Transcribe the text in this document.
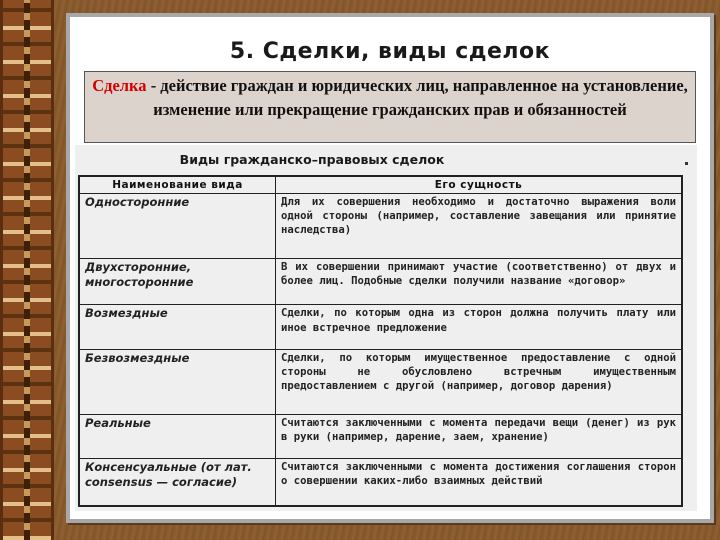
5. Сделки, виды сделок
Сделка - действие граждан и юридических лиц, направленное на установление, изменение или прекращение гражданских прав и обязанностей
Виды гражданско–правовых сделок
Наименование вида	Его сущность
Односторонние	Для их совершения необходимо и достаточно выражения воли одной стороны (например, составление завещания или принятие наследства)
Двухсторонние, многосторонние	В их совершении принимают участие (соответственно) от двух и более лиц. Подобные сделки получили название «договор»
Возмездные	Сделки, по которым одна из сторон должна получить плату или иное встречное предложение
Безвозмездные	Сделки, по которым имущественное предоставление с одной стороны не обусловлено встречным имущественным предоставлением с другой (например, договор дарения)
Реальные	Считаются заключенными с момента передачи вещи (денег) из рук в руки (например, дарение, заем, хранение)
Консенсуальные (от лат. consensus — согласие)	Считаются заключенными с момента достижения соглашения сторон о совершении каких-либо взаимных действий
